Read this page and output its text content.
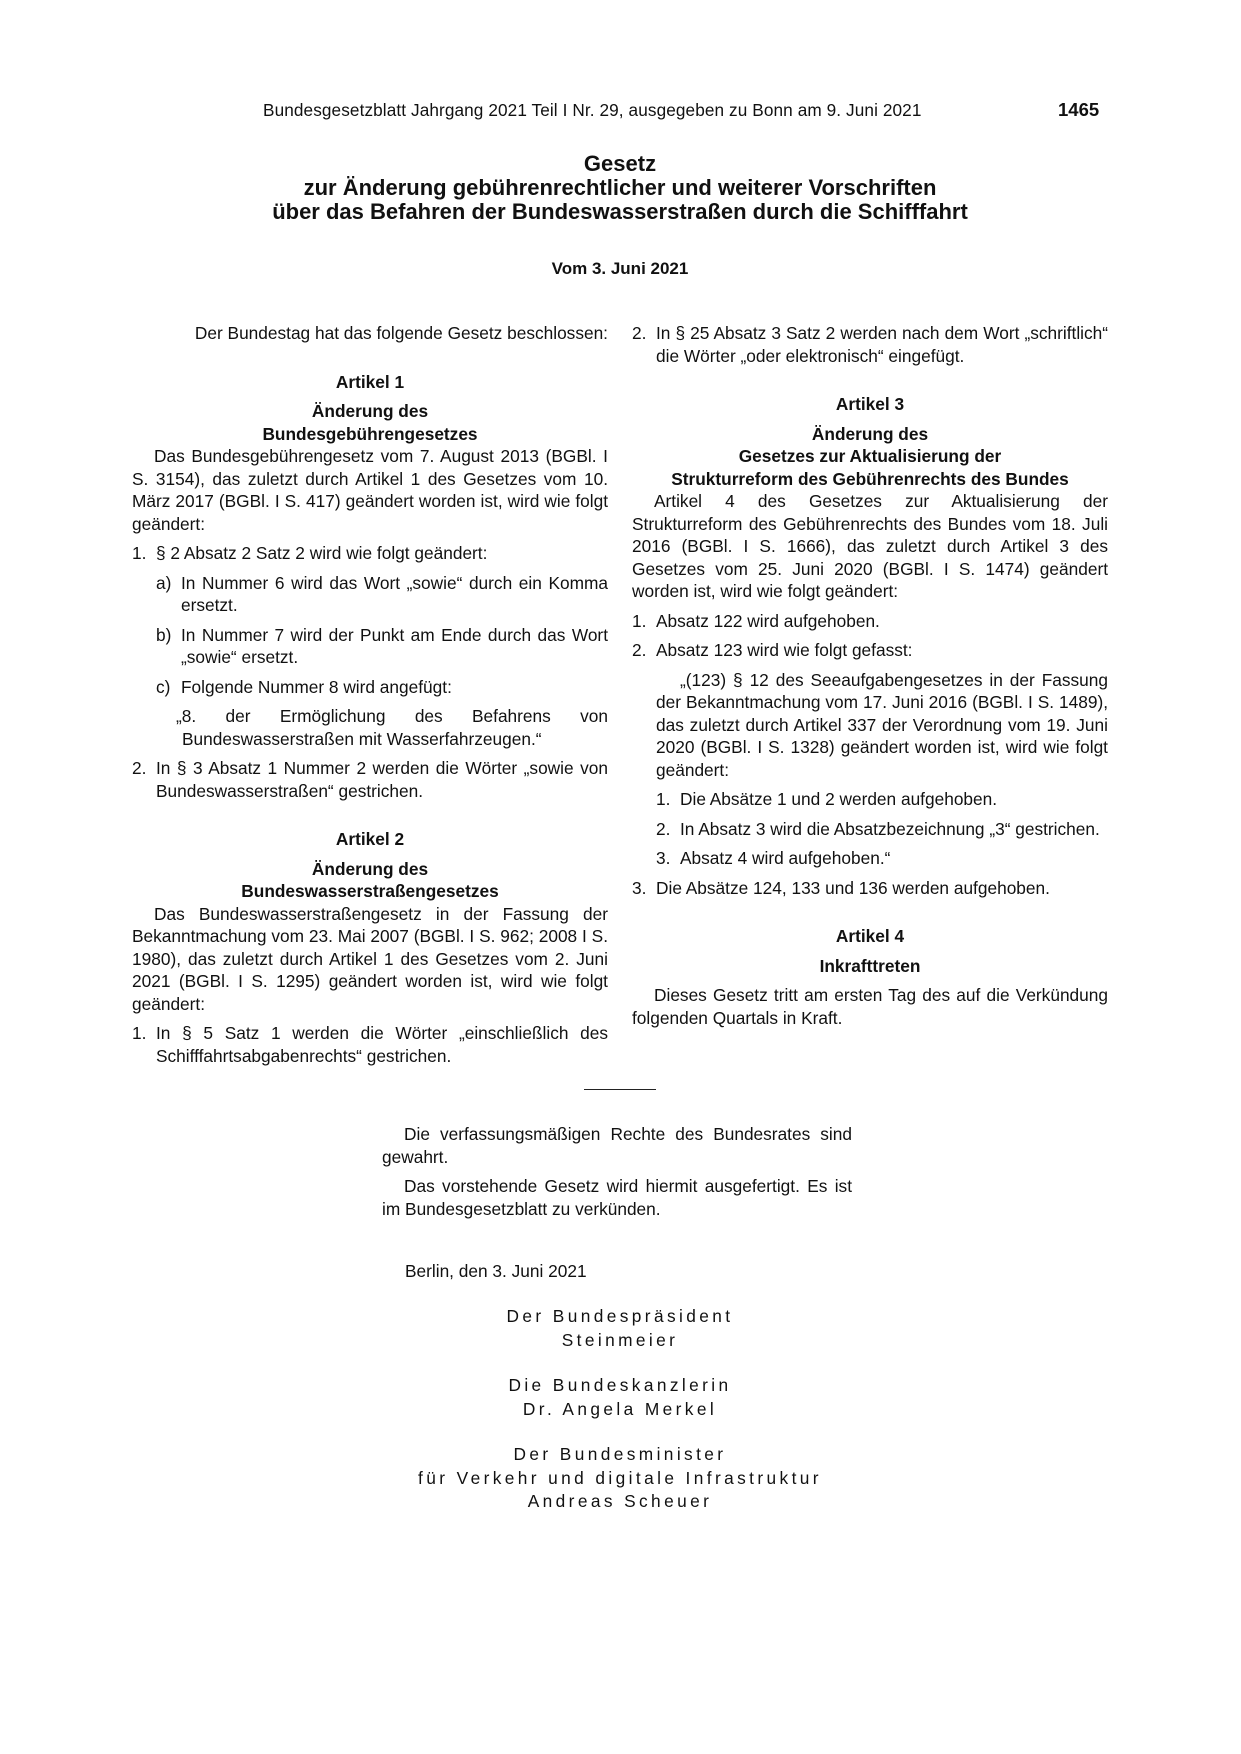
Bundesgesetzblatt Jahrgang 2021 Teil I Nr. 29, ausgegeben zu Bonn am 9. Juni 2021	1465
Gesetz
zur Änderung gebührenrechtlicher und weiterer Vorschriften
über das Befahren der Bundeswasserstraßen durch die Schifffahrt
Vom 3. Juni 2021

Der Bundestag hat das folgende Gesetz beschlossen:

Artikel 1

Änderung des

Bundesgebührengesetzes

Das Bundesgebührengesetz vom 7. August 2013 (BGBl. I S. 3154), das zuletzt durch Artikel 1 des Gesetzes vom 10. März 2017 (BGBl. I S. 417) geändert worden ist, wird wie folgt geändert:

1. § 2 Absatz 2 Satz 2 wird wie folgt geändert:
a) In Nummer 6 wird das Wort „sowie“ durch ein Komma ersetzt.
b) In Nummer 7 wird der Punkt am Ende durch das Wort „sowie“ ersetzt.
c) Folgende Nummer 8 wird angefügt:

„8. der Ermöglichung des Befahrens von Bundeswasserstraßen mit Wasserfahrzeugen.“

2. In § 3 Absatz 1 Nummer 2 werden die Wörter „sowie von Bundeswasserstraßen“ gestrichen.

Artikel 2

Änderung des

Bundeswasserstraßengesetzes

Das Bundeswasserstraßengesetz in der Fassung der Bekanntmachung vom 23. Mai 2007 (BGBl. I S. 962; 2008 I S. 1980), das zuletzt durch Artikel 1 des Gesetzes vom 2. Juni 2021 (BGBl. I S. 1295) geändert worden ist, wird wie folgt geändert:

1. In § 5 Satz 1 werden die Wörter „einschließlich des Schifffahrtsabgabenrechts“ gestrichen.
2. In § 25 Absatz 3 Satz 2 werden nach dem Wort „schriftlich“ die Wörter „oder elektronisch“ eingefügt.

Artikel 3

Änderung des

Gesetzes zur Aktualisierung der

Strukturreform des Gebührenrechts des Bundes

Artikel 4 des Gesetzes zur Aktualisierung der Strukturreform des Gebührenrechts des Bundes vom 18. Juli 2016 (BGBl. I S. 1666), das zuletzt durch Artikel 3 des Gesetzes vom 25. Juni 2020 (BGBl. I S. 1474) geändert worden ist, wird wie folgt geändert:

1. Absatz 122 wird aufgehoben.
2. Absatz 123 wird wie folgt gefasst:

„(123) § 12 des Seeaufgabengesetzes in der Fassung der Bekanntmachung vom 17. Juni 2016 (BGBl. I S. 1489), das zuletzt durch Artikel 337 der Verordnung vom 19. Juni 2020 (BGBl. I S. 1328) geändert worden ist, wird wie folgt geändert:

1. Die Absätze 1 und 2 werden aufgehoben.
2. In Absatz 3 wird die Absatzbezeichnung „3“ gestrichen.
3. Absatz 4 wird aufgehoben.“
3. Die Absätze 124, 133 und 136 werden aufgehoben.

Artikel 4

Inkrafttreten

Dieses Gesetz tritt am ersten Tag des auf die Verkündung folgenden Quartals in Kraft.

Die verfassungsmäßigen Rechte des Bundesrates sind gewahrt.

Das vorstehende Gesetz wird hiermit ausgefertigt. Es ist im Bundesgesetzblatt zu verkünden.

Berlin, den 3. Juni 2021
Der Bundespräsident
Steinmeier
Die Bundeskanzlerin
Dr. Angela Merkel
Der Bundesminister
für Verkehr und digitale Infrastruktur
Andreas Scheuer
